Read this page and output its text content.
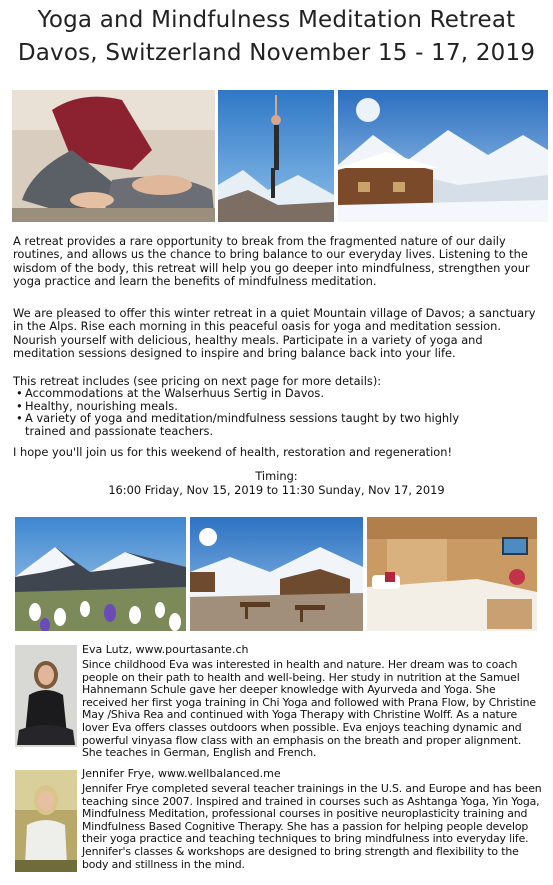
Yoga and Mindfulness Meditation Retreat
Davos, Switzerland November 15 - 17, 2019

A retreat provides a rare opportunity to break from the fragmented nature of our daily routines, and allows us the chance to bring balance to our everyday lives. Listening to the wisdom of the body, this retreat will help you go deeper into mindfulness, strengthen your yoga practice and learn the benefits of mindfulness meditation.

We are pleased to offer this winter retreat in a quiet Mountain village of Davos; a sanctuary in the Alps. Rise each morning in this peaceful oasis for yoga and meditation session. Nourish yourself with delicious, healthy meals. Participate in a variety of yoga and meditation sessions designed to inspire and bring balance back into your life.

This retreat includes (see pricing on next page for more details):
• Accommodations at the Walserhuus Sertig in Davos.
• Healthy, nourishing meals.
• A variety of yoga and meditation/mindfulness sessions taught by two highly trained and passionate teachers.
I hope you'll join us for this weekend of health, restoration and regeneration!
Timing:
16:00 Friday, Nov 15, 2019 to 11:30 Sunday, Nov 17, 2019
Eva Lutz, www.pourtasante.ch

Since childhood Eva was interested in health and nature. Her dream was to coach people on their path to health and well-being. Her study in nutrition at the Samuel Hahnemann Schule gave her deeper knowledge with Ayurveda and Yoga. She received her first yoga training in Chi Yoga and followed with Prana Flow, by Christine May /Shiva Rea and continued with Yoga Therapy with Christine Wolff. As a nature lover Eva offers classes outdoors when possible. Eva enjoys teaching dynamic and powerful vinyasa flow class with an emphasis on the breath and proper alignment. She teaches in German, English and French.

Jennifer Frye, www.wellbalanced.me

Jennifer Frye completed several teacher trainings in the U.S. and Europe and has been teaching since 2007. Inspired and trained in courses such as Ashtanga Yoga, Yin Yoga, Mindfulness Meditation, professional courses in positive neuroplasticity training and Mindfulness Based Cognitive Therapy. She has a passion for helping people develop their yoga practice and teaching techniques to bring mindfulness into everyday life. Jennifer's classes & workshops are designed to bring strength and flexibility to the body and stillness in the mind.
